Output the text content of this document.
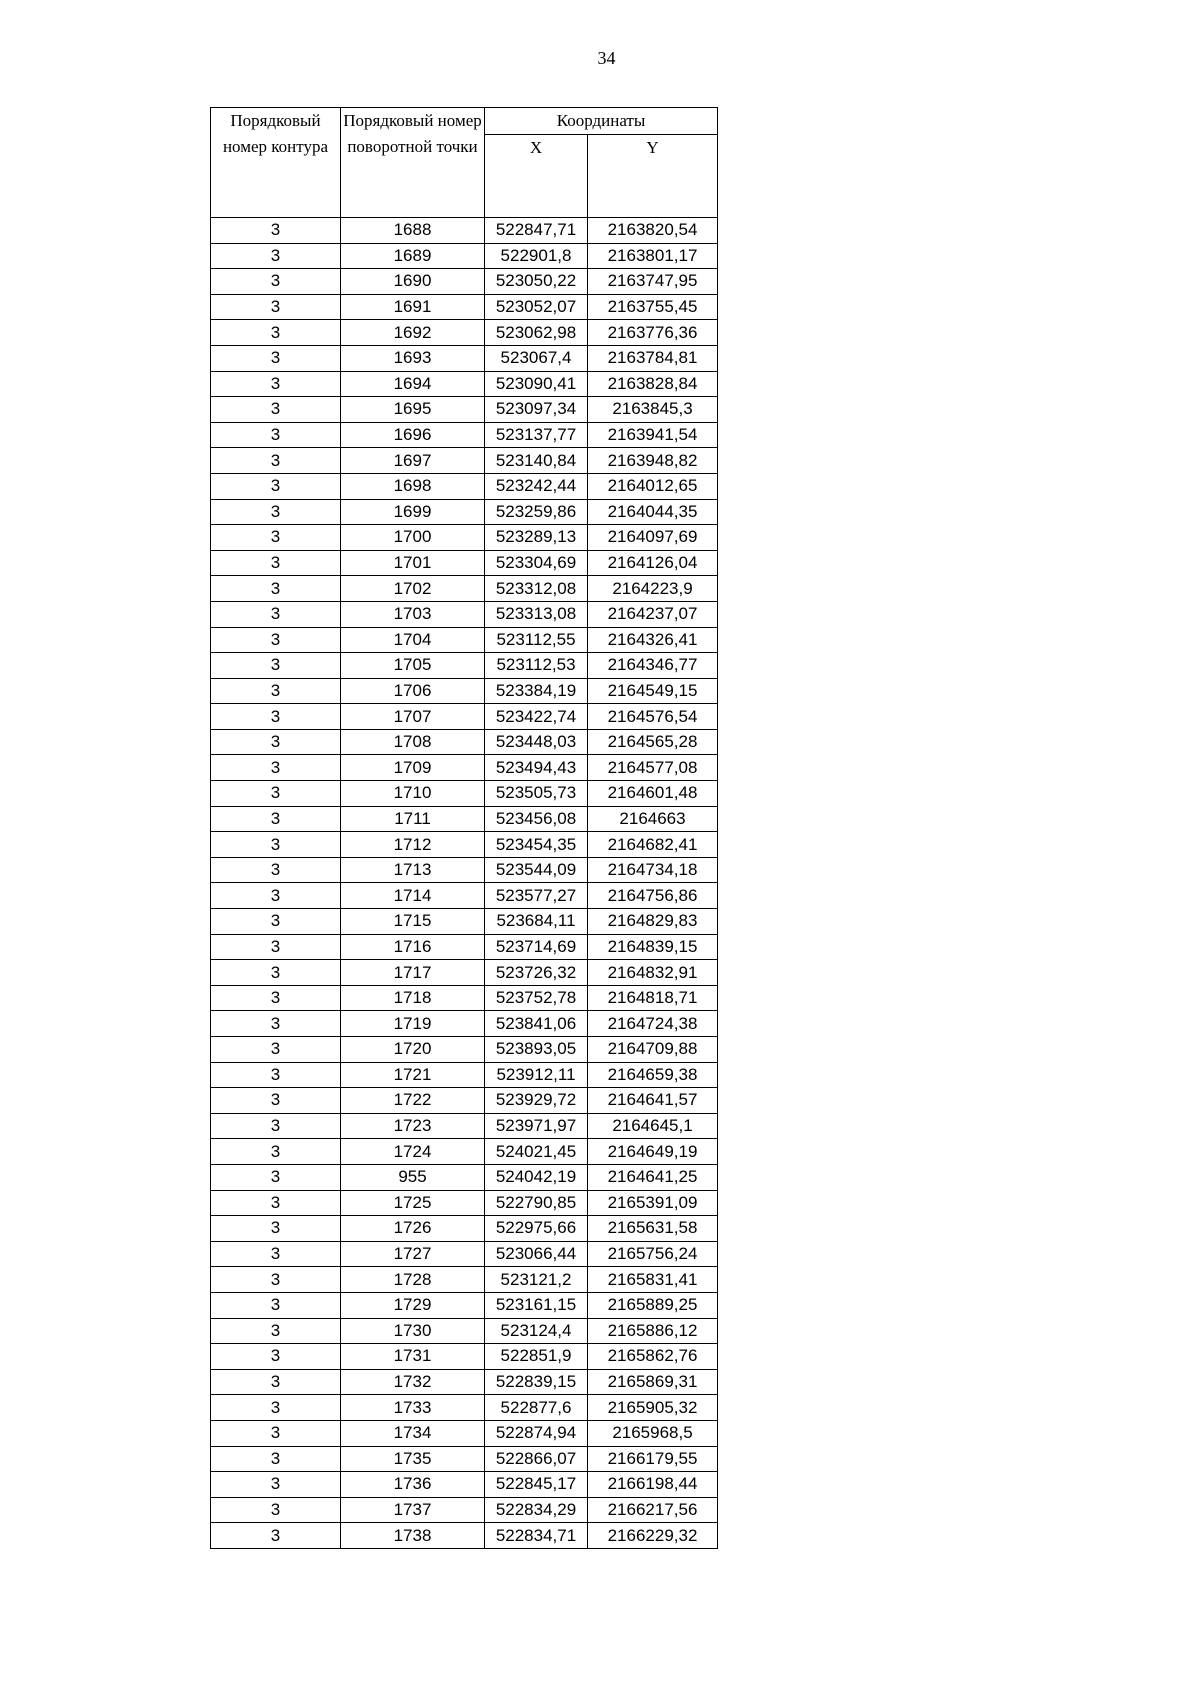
34
Порядковый номер контура	Порядковый номер поворотной точки	Координаты	
		X	Y
3	1688	522847,71	2163820,54
3	1689	522901,8	2163801,17
3	1690	523050,22	2163747,95
3	1691	523052,07	2163755,45
3	1692	523062,98	2163776,36
3	1693	523067,4	2163784,81
3	1694	523090,41	2163828,84
3	1695	523097,34	2163845,3
3	1696	523137,77	2163941,54
3	1697	523140,84	2163948,82
3	1698	523242,44	2164012,65
3	1699	523259,86	2164044,35
3	1700	523289,13	2164097,69
3	1701	523304,69	2164126,04
3	1702	523312,08	2164223,9
3	1703	523313,08	2164237,07
3	1704	523112,55	2164326,41
3	1705	523112,53	2164346,77
3	1706	523384,19	2164549,15
3	1707	523422,74	2164576,54
3	1708	523448,03	2164565,28
3	1709	523494,43	2164577,08
3	1710	523505,73	2164601,48
3	1711	523456,08	2164663
3	1712	523454,35	2164682,41
3	1713	523544,09	2164734,18
3	1714	523577,27	2164756,86
3	1715	523684,11	2164829,83
3	1716	523714,69	2164839,15
3	1717	523726,32	2164832,91
3	1718	523752,78	2164818,71
3	1719	523841,06	2164724,38
3	1720	523893,05	2164709,88
3	1721	523912,11	2164659,38
3	1722	523929,72	2164641,57
3	1723	523971,97	2164645,1
3	1724	524021,45	2164649,19
3	955	524042,19	2164641,25
3	1725	522790,85	2165391,09
3	1726	522975,66	2165631,58
3	1727	523066,44	2165756,24
3	1728	523121,2	2165831,41
3	1729	523161,15	2165889,25
3	1730	523124,4	2165886,12
3	1731	522851,9	2165862,76
3	1732	522839,15	2165869,31
3	1733	522877,6	2165905,32
3	1734	522874,94	2165968,5
3	1735	522866,07	2166179,55
3	1736	522845,17	2166198,44
3	1737	522834,29	2166217,56
3	1738	522834,71	2166229,32
